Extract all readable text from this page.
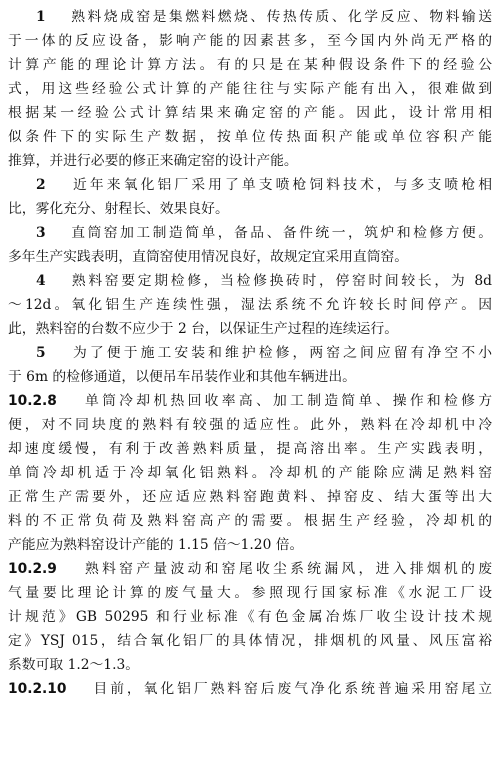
1　 熟料烧成窑是集燃料燃烧、传热传质、化学反应、物料输送
于一体的反应设备，影响产能的因素甚多，至今国内外尚无严格的
计算产能的理论计算方法。有的只是在某种假设条件下的经验公
式，用这些经验公式计算的产能往往与实际产能有出入，很难做到
根据某一经验公式计算结果来确定窑的产能。因此，设计常用相
似条件下的实际生产数据，按单位传热面积产能或单位容积产能
推算，并进行必要的修正来确定窑的设计产能。
2　 近年来氧化铝厂采用了单支喷枪饲料技术，与多支喷枪相
比，雾化充分、射程长、效果良好。
3　 直筒窑加工制造简单，备品、备件统一，筑炉和检修方便。
多年生产实践表明，直筒窑使用情况良好，故规定宜采用直筒窑。
4　 熟料窑要定期检修，当检修换砖时，停窑时间较长，为 8d
～12d。氧化铝生产连续性强，湿法系统不允许较长时间停产。因
此，熟料窑的台数不应少于 2 台，以保证生产过程的连续运行。
5　 为了便于施工安装和维护检修，两窑之间应留有净空不小
于 6m 的检修通道，以便吊车吊装作业和其他车辆进出。
10.2.8　 单筒冷却机热回收率高、加工制造简单、操作和检修方
便，对不同块度的熟料有较强的适应性。此外，熟料在冷却机中冷
却速度缓慢，有利于改善熟料质量，提高溶出率。生产实践表明，
单筒冷却机适于冷却氧化铝熟料。冷却机的产能除应满足熟料窑
正常生产需要外，还应适应熟料窑跑黄料、掉窑皮、结大蛋等出大
料的不正常负荷及熟料窑高产的需要。根据生产经验，冷却机的
产能应为熟料窑设计产能的 1.15 倍～1.20 倍。
10.2.9　 熟料窑产量波动和窑尾收尘系统漏风，进入排烟机的废
气量要比理论计算的废气量大。参照现行国家标准《水泥工厂设
计规范》GB 50295 和行业标准《有色金属冶炼厂收尘设计技术规
定》YSJ 015，结合氧化铝厂的具体情况，排烟机的风量、风压富裕
系数可取 1.2～1.3。
10.2.10　 目前，氧化铝厂熟料窑后废气净化系统普遍采用窑尾立
